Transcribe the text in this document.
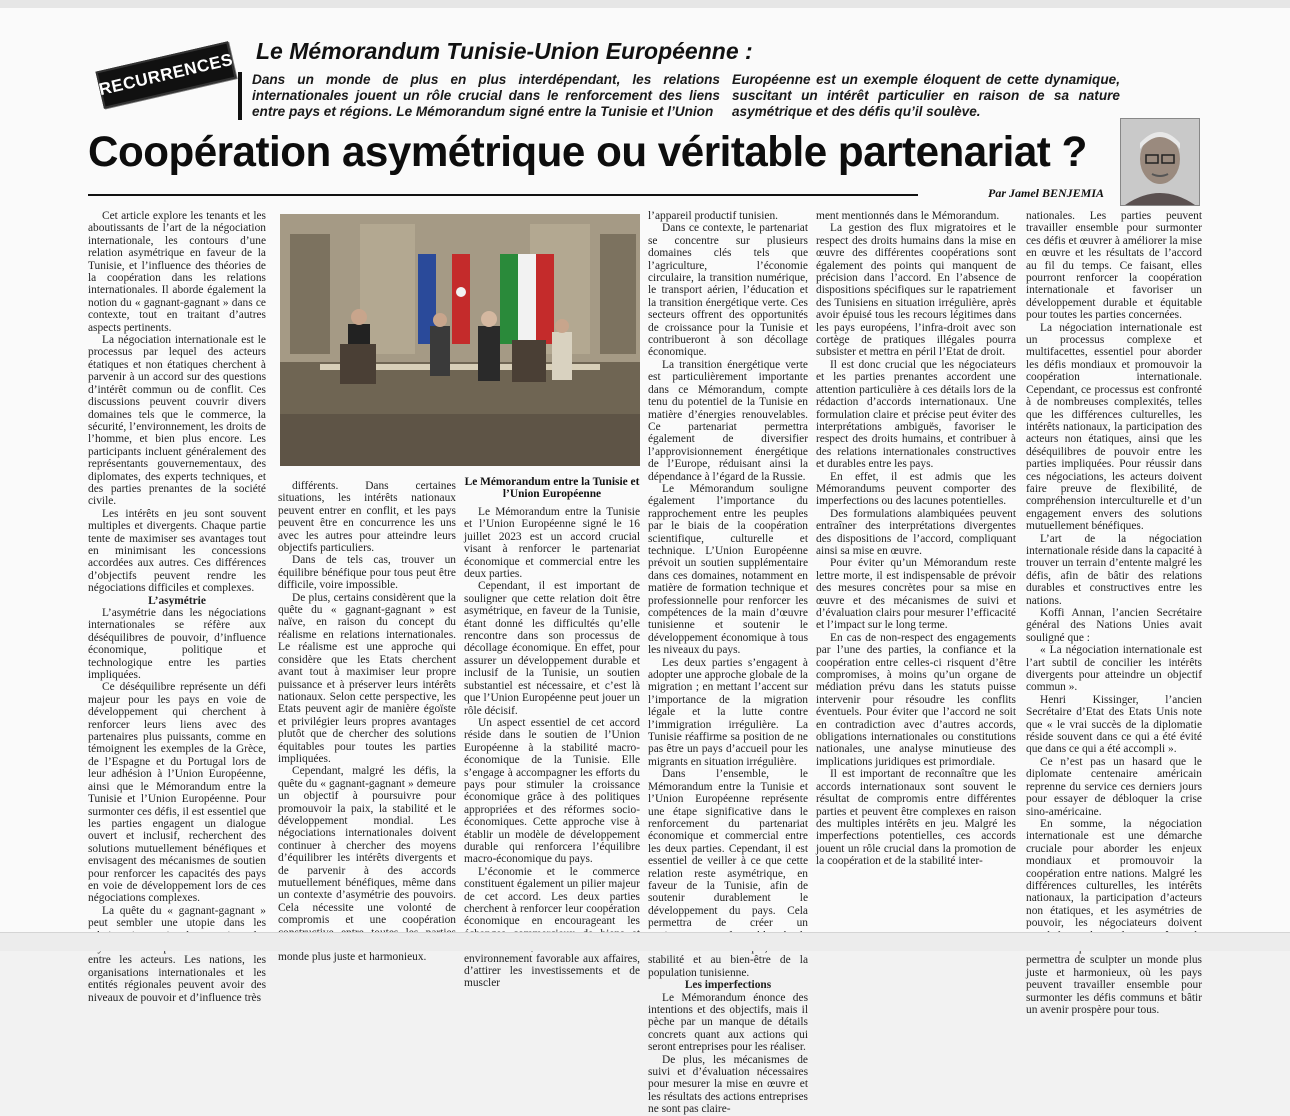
RECURRENCES Le Mémorandum Tunisie-Union Européenne :
Dans un monde de plus en plus interdépendant, les relations internationales jouent un rôle crucial dans le renforcement des liens entre pays et régions. Le Mémorandum signé entre la Tunisie et l’Union
Européenne est un exemple éloquent de cette dynamique, suscitant un intérêt particulier en raison de sa nature asymétrique et des défis qu’il soulève.
Coopération asymétrique ou véritable partenariat ?
Par Jamel BENJEMIA
Le Mémorandum entre la Tunisie et l’Union Européenne

Cet article explore les tenants et les aboutissants de l’art de la négociation internationale, les contours d’une relation asymétrique en faveur de la Tunisie, et l’influence des théories de la coopération dans les relations internationales. Il aborde également la notion du « gagnant-gagnant » dans ce contexte, tout en traitant d’autres aspects pertinents.

La négociation internationale est le processus par lequel des acteurs étatiques et non étatiques cherchent à parvenir à un accord sur des questions d’intérêt commun ou de conflit. Ces discussions peuvent couvrir divers domaines tels que le commerce, la sécurité, l’environnement, les droits de l’homme, et bien plus encore. Les participants incluent généralement des représentants gouvernementaux, des diplomates, des experts techniques, et des parties prenantes de la société civile.

Les intérêts en jeu sont souvent multiples et divergents. Chaque partie tente de maximiser ses avantages tout en minimisant les concessions accordées aux autres. Ces différences d’objectifs peuvent rendre les négociations difficiles et complexes.

L’asymétrie

L’asymétrie dans les négociations internationales se réfère aux déséquilibres de pouvoir, d’influence économique, politique et technologique entre les parties impliquées.

Ce déséquilibre représente un défi majeur pour les pays en voie de développement qui cherchent à renforcer leurs liens avec des partenaires plus puissants, comme en témoignent les exemples de la Grèce, de l’Espagne et du Portugal lors de leur adhésion à l’Union Européenne, ainsi que le Mémorandum entre la Tunisie et l’Union Européenne. Pour surmonter ces défis, il est essentiel que les parties engagent un dialogue ouvert et inclusif, recherchent des solutions mutuellement bénéfiques et envisagent des mécanismes de soutien pour renforcer les capacités des pays en voie de développement lors de ces négociations complexes.

La quête du « gagnant-gagnant » peut sembler une utopie dans les entre les acteurs. Les nations, les organisations internationales et les entités régionales peuvent avoir des niveaux de pouvoir et d’influence très

différents. Dans certaines situations, les intérêts nationaux peuvent entrer en conflit, et les pays peuvent être en concurrence les uns avec les autres pour atteindre leurs objectifs particuliers.

Dans de tels cas, trouver un équilibre bénéfique pour tous peut être difficile, voire impossible.

De plus, certains considèrent que la quête du « gagnant-gagnant » est naïve, en raison du concept du réalisme en relations internationales. Le réalisme est une approche qui considère que les Etats cherchent avant tout à maximiser leur propre puissance et à préserver leurs intérêts nationaux. Selon cette perspective, les Etats peuvent agir de manière égoïste et privilégier leurs propres avantages plutôt que de chercher des solutions équitables pour toutes les parties impliquées.

Cependant, malgré les défis, la quête du « gagnant-gagnant » demeure un objectif à poursuivre pour promouvoir la paix, la stabilité et le développement mondial. Les négociations internationales doivent continuer à chercher des moyens d’équilibrer les intérêts divergents et de parvenir à des accords mutuellement bénéfiques, même dans un contexte d’asymétrie des pouvoirs. Cela nécessite une volonté de compromis et une coopération monde plus juste et harmonieux.

Le Mémorandum entre la Tunisie et l’Union Européenne signé le 16 juillet 2023 est un accord crucial visant à renforcer le partenariat économique et commercial entre les deux parties.

Cependant, il est important de souligner que cette relation doit être asymétrique, en faveur de la Tunisie, étant donné les difficultés qu’elle rencontre dans son processus de décollage économique. En effet, pour assurer un développement durable et inclusif de la Tunisie, un soutien substantiel est nécessaire, et c’est là que l’Union Européenne peut jouer un rôle décisif.

Un aspect essentiel de cet accord réside dans le soutien de l’Union Européenne à la stabilité macro-économique de la Tunisie. Elle s’engage à accompagner les efforts du pays pour stimuler la croissance économique grâce à des politiques appropriées et des réformes socio-économiques. Cette approche vise à établir un modèle de développement durable qui renforcera l’équilibre macro-économique du pays.

L’économie et le commerce constituent également un pilier majeur de cet accord. Les deux parties cherchent à renforcer leur coopération économique en encourageant les environnement favorable aux affaires, d’attirer les investissements et de muscler

l’appareil productif tunisien.

Dans ce contexte, le partenariat se concentre sur plusieurs domaines clés tels que l’agriculture, l’économie circulaire, la transition numérique, le transport aérien, l’éducation et la transition énergétique verte. Ces secteurs offrent des opportunités de croissance pour la Tunisie et contribueront à son décollage économique.

La transition énergétique verte est particulièrement importante dans ce Mémorandum, compte tenu du potentiel de la Tunisie en matière d’énergies renouvelables. Ce partenariat permettra également de diversifier l’approvisionnement énergétique de l’Europe, réduisant ainsi la dépendance à l’égard de la Russie.

Le Mémorandum souligne également l’importance du rapprochement entre les peuples par le biais de la coopération scientifique, culturelle et technique. L’Union Européenne prévoit un soutien supplémentaire dans ces domaines, notamment en matière de formation technique et professionnelle pour renforcer les compétences de la main d’œuvre tunisienne et soutenir le développement économique à tous les niveaux du pays.

Les deux parties s’engagent à adopter une approche globale de la migration ; en mettant l’accent sur l’importance de la migration légale et la lutte contre l’immigration irrégulière. La Tunisie réaffirme sa position de ne pas être un pays d’accueil pour les migrants en situation irrégulière.

Dans l’ensemble, le Mémorandum entre la Tunisie et l’Union Européenne représente une étape significative dans le renforcement du partenariat économique et commercial entre les deux parties. Cependant, il est essentiel de veiller à ce que cette relation reste asymétrique, en faveur de la Tunisie, afin de soutenir durablement le développement du pays. Cela permettra de créer un stabilité et au bien-être de la population tunisienne.

Les imperfections

Le Mémorandum énonce des intentions et des objectifs, mais il pèche par un manque de détails concrets quant aux actions qui seront entreprises pour les réaliser.

De plus, les mécanismes de suivi et d’évaluation nécessaires pour mesurer la mise en œuvre et les résultats des actions entreprises ne sont pas claire-

ment mentionnés dans le Mémorandum.

La gestion des flux migratoires et le respect des droits humains dans la mise en œuvre des différentes coopérations sont également des points qui manquent de précision dans l’accord. En l’absence de dispositions spécifiques sur le rapatriement des Tunisiens en situation irrégulière, après avoir épuisé tous les recours légitimes dans les pays européens, l’infra-droit avec son cortège de pratiques illégales pourra subsister et mettra en péril l’Etat de droit.

Il est donc crucial que les négociateurs et les parties prenantes accordent une attention particulière à ces détails lors de la rédaction d’accords internationaux. Une formulation claire et précise peut éviter des interprétations ambiguës, favoriser le respect des droits humains, et contribuer à des relations internationales constructives et durables entre les pays.

En effet, il est admis que les Mémorandums peuvent comporter des imperfections ou des lacunes potentielles.

Des formulations alambiquées peuvent entraîner des interprétations divergentes des dispositions de l’accord, compliquant ainsi sa mise en œuvre.

Pour éviter qu’un Mémorandum reste lettre morte, il est indispensable de prévoir des mesures concrètes pour sa mise en œuvre et des mécanismes de suivi et d’évaluation clairs pour mesurer l’efficacité et l’impact sur le long terme.

En cas de non-respect des engagements par l’une des parties, la confiance et la coopération entre celles-ci risquent d’être compromises, à moins qu’un organe de médiation prévu dans les statuts puisse intervenir pour résoudre les conflits éventuels. Pour éviter que l’accord ne soit en contradiction avec d’autres accords, obligations internationales ou constitutions nationales, une analyse minutieuse des implications juridiques est primordiale.

Il est important de reconnaître que les accords internationaux sont souvent le résultat de compromis entre différentes parties et peuvent être complexes en raison des multiples intérêts en jeu. Malgré les imperfections potentielles, ces accords jouent un rôle crucial dans la promotion de la coopération et de la stabilité inter-

nationales. Les parties peuvent travailler ensemble pour surmonter ces défis et œuvrer à améliorer la mise en œuvre et les résultats de l’accord au fil du temps. Ce faisant, elles pourront renforcer la coopération internationale et favoriser un développement durable et équitable pour toutes les parties concernées.

La négociation internationale est un processus complexe et multifacettes, essentiel pour aborder les défis mondiaux et promouvoir la coopération internationale. Cependant, ce processus est confronté à de nombreuses complexités, telles que les différences culturelles, les intérêts nationaux, la participation des acteurs non étatiques, ainsi que les déséquilibres de pouvoir entre les parties impliquées. Pour réussir dans ces négociations, les acteurs doivent faire preuve de flexibilité, de compréhension interculturelle et d’un engagement envers des solutions mutuellement bénéfiques.

L’art de la négociation internationale réside dans la capacité à trouver un terrain d’entente malgré les défis, afin de bâtir des relations durables et constructives entre les nations.

Koffi Annan, l’ancien Secrétaire général des Nations Unies avait souligné que :

« La négociation internationale est l’art subtil de concilier les intérêts divergents pour atteindre un objectif commun ».

Henri Kissinger, l’ancien Secrétaire d’Etat des Etats Unis note que « le vrai succès de la diplomatie réside souvent dans ce qui a été évité que dans ce qui a été accompli ».

Ce n’est pas un hasard que le diplomate centenaire américain reprenne du service ces derniers jours pour essayer de débloquer la crise sino-américaine.

En somme, la négociation internationale est une démarche cruciale pour aborder les enjeux mondiaux et promouvoir la coopération entre nations. Malgré les différences culturelles, les intérêts nationaux, la participation d’acteurs non étatiques, et les asymétries de pouvoir, les négociateurs doivent permettra de sculpter un monde plus juste et harmonieux, où les pays peuvent travailler ensemble pour surmonter les défis communs et bâtir un avenir prospère pour tous.
